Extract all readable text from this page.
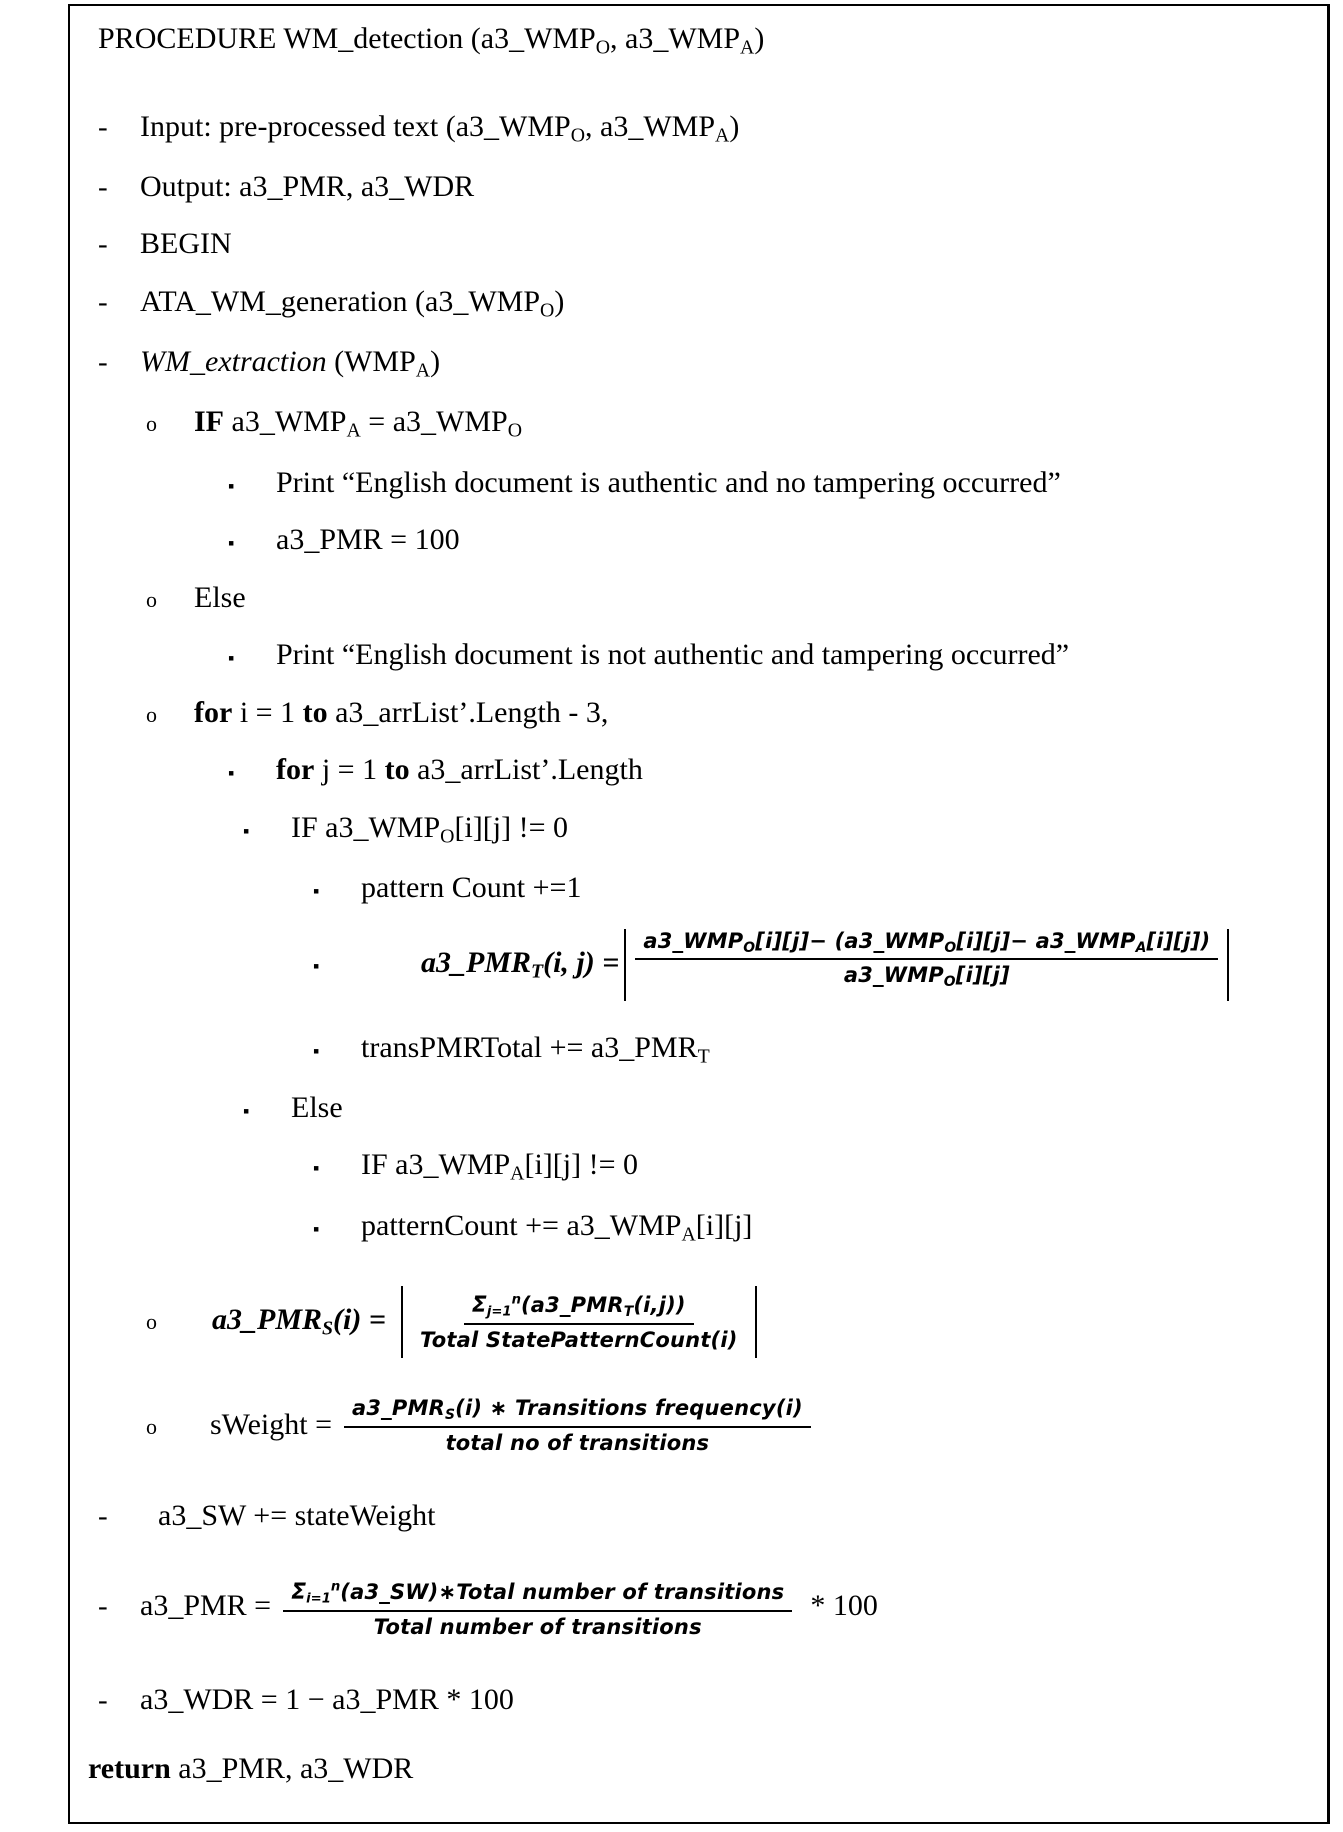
PROCEDURE WM_detection ($a3\_WMP_O$, $a3\_WMP_A$)
-	Input: pre-processed text ($a3\_WMP_O$, $a3\_WMP_A$)
-	Output: a3_PMR, a3_WDR
-	BEGIN
-	ATA_WM_generation $(a3\_WMP_O)$
-	WM_extraction $(WMP_A)$
o	IF $a3\_WMP_A$ = $a3\_WMP_O$
▪	Print “English document is authentic and no tampering occurred”
▪	a3_PMR = 100
o	Else
▪	Print “English document is not authentic and tampering occurred”
o	for i = 1 to a3_arrList’.Length - 3,
▪	for j = 1 to a3_arrList’.Length
▪	IF $a3\_WMP_O[i][j]$ != 0
▪	pattern Count +=1
▪	$a3\_PMR_T(i$, $j) = \frac{a3\_WMP_O[i][j]- (a3\_WMP_O[i][j]- a3\_WMP_A[i][j])}{a3\_WMP_O[i][j]}$
▪	transPMRTotal += $a3\_PMR_T$
▪	Else
▪	IF $a3\_WMP_A[i][j]$ != 0
▪	patternCount += $a3\_WMP_A[i][j]$
o	$a3\_PMR_S(i) = \frac{\Sigma_{j=1}^n(a3\_PMR_T(i,j))}{\text{Total StatePatternCount(i)}}$
o	sWeight = $\frac{a3\_PMR_S(i) ∗ Transitions frequency(i)}{\text{total no of transitions}}$
-	a3_SW += stateWeight
-	a3_PMR = $\frac{\Sigma_{i=1}^n(a3\_SW)∗Total number of transitions}{\text{Total number of transitions}} * 100$
-	a3_WDR = 1 − a3_PMR * 100
return a3_PMR, a3_WDR
